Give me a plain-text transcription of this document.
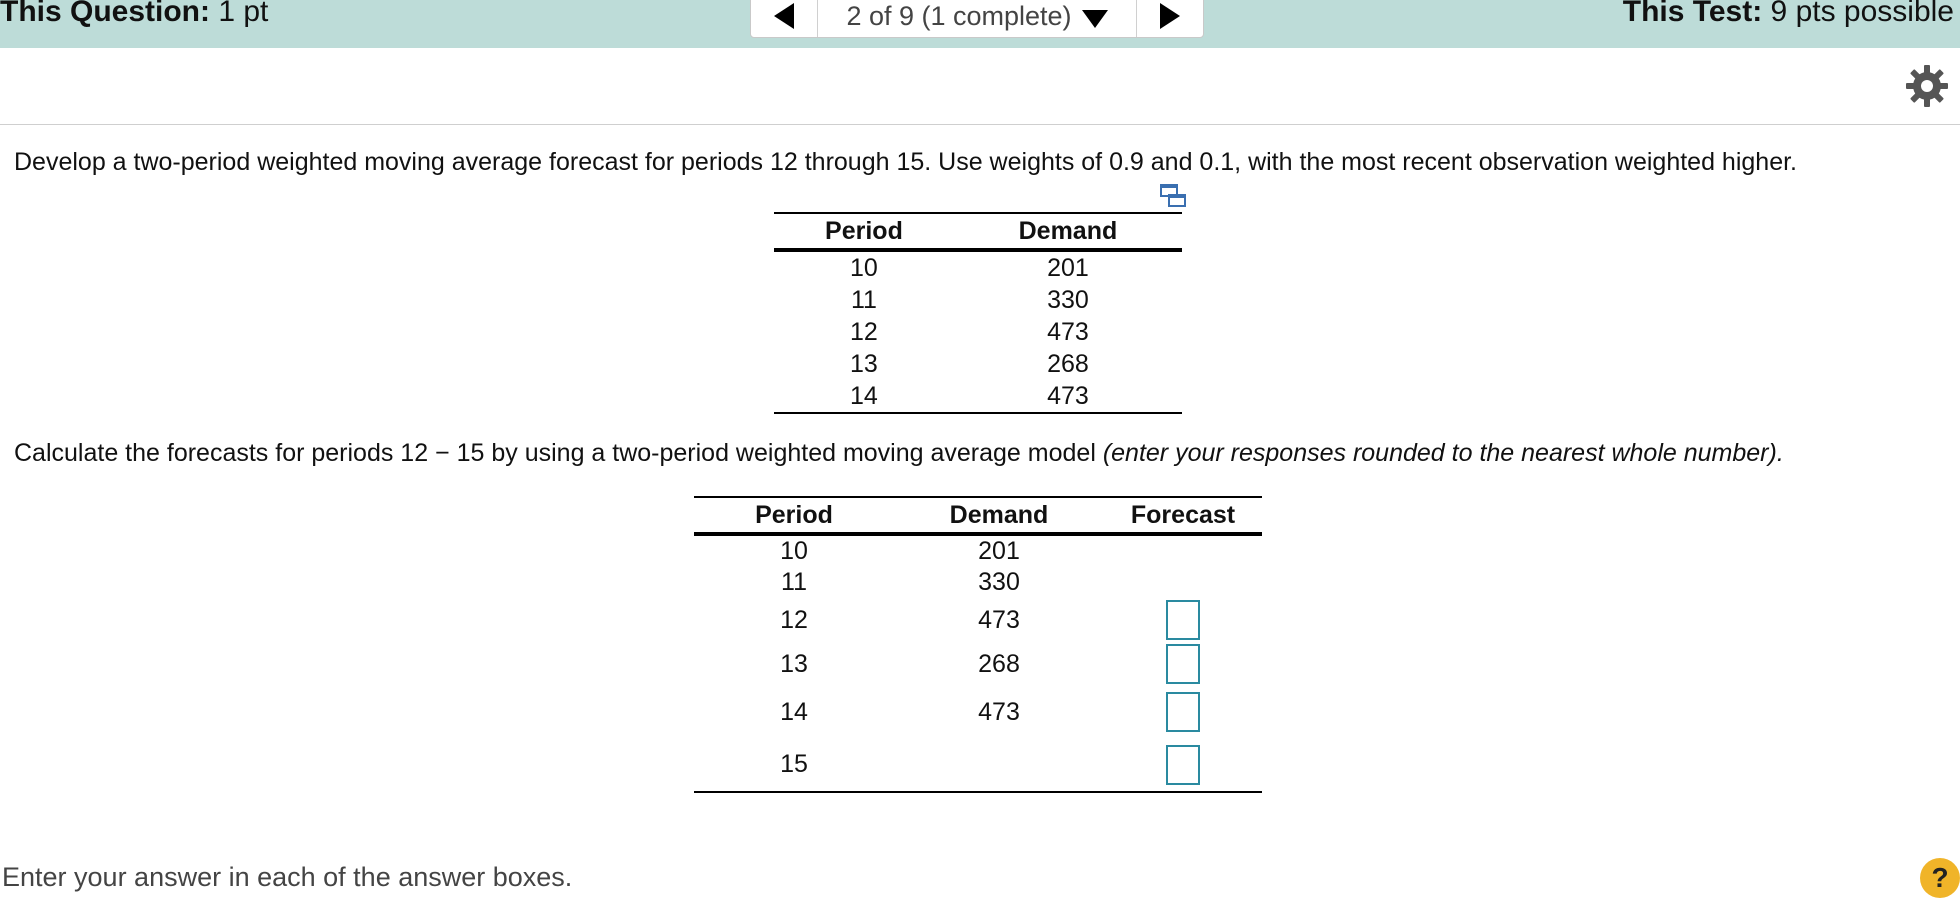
This Question: 1 pt	2 of 9 (1 complete)	This Test: 9 pts possible
Develop a two-period weighted moving average forecast for periods 12 through 15. Use weights of 0.9 and 0.1, with the most recent observation weighted higher.
Period	Demand
10	201
11	330
12	473
13	268
14	473
Calculate the forecasts for periods 12 − 15 by using a two-period weighted moving average model (enter your responses rounded to the nearest whole number).
Period	Demand	Forecast
10	201	
11	330	
12	473	
13	268	
14	473	
15		
Enter your answer in each of the answer boxes.	?
